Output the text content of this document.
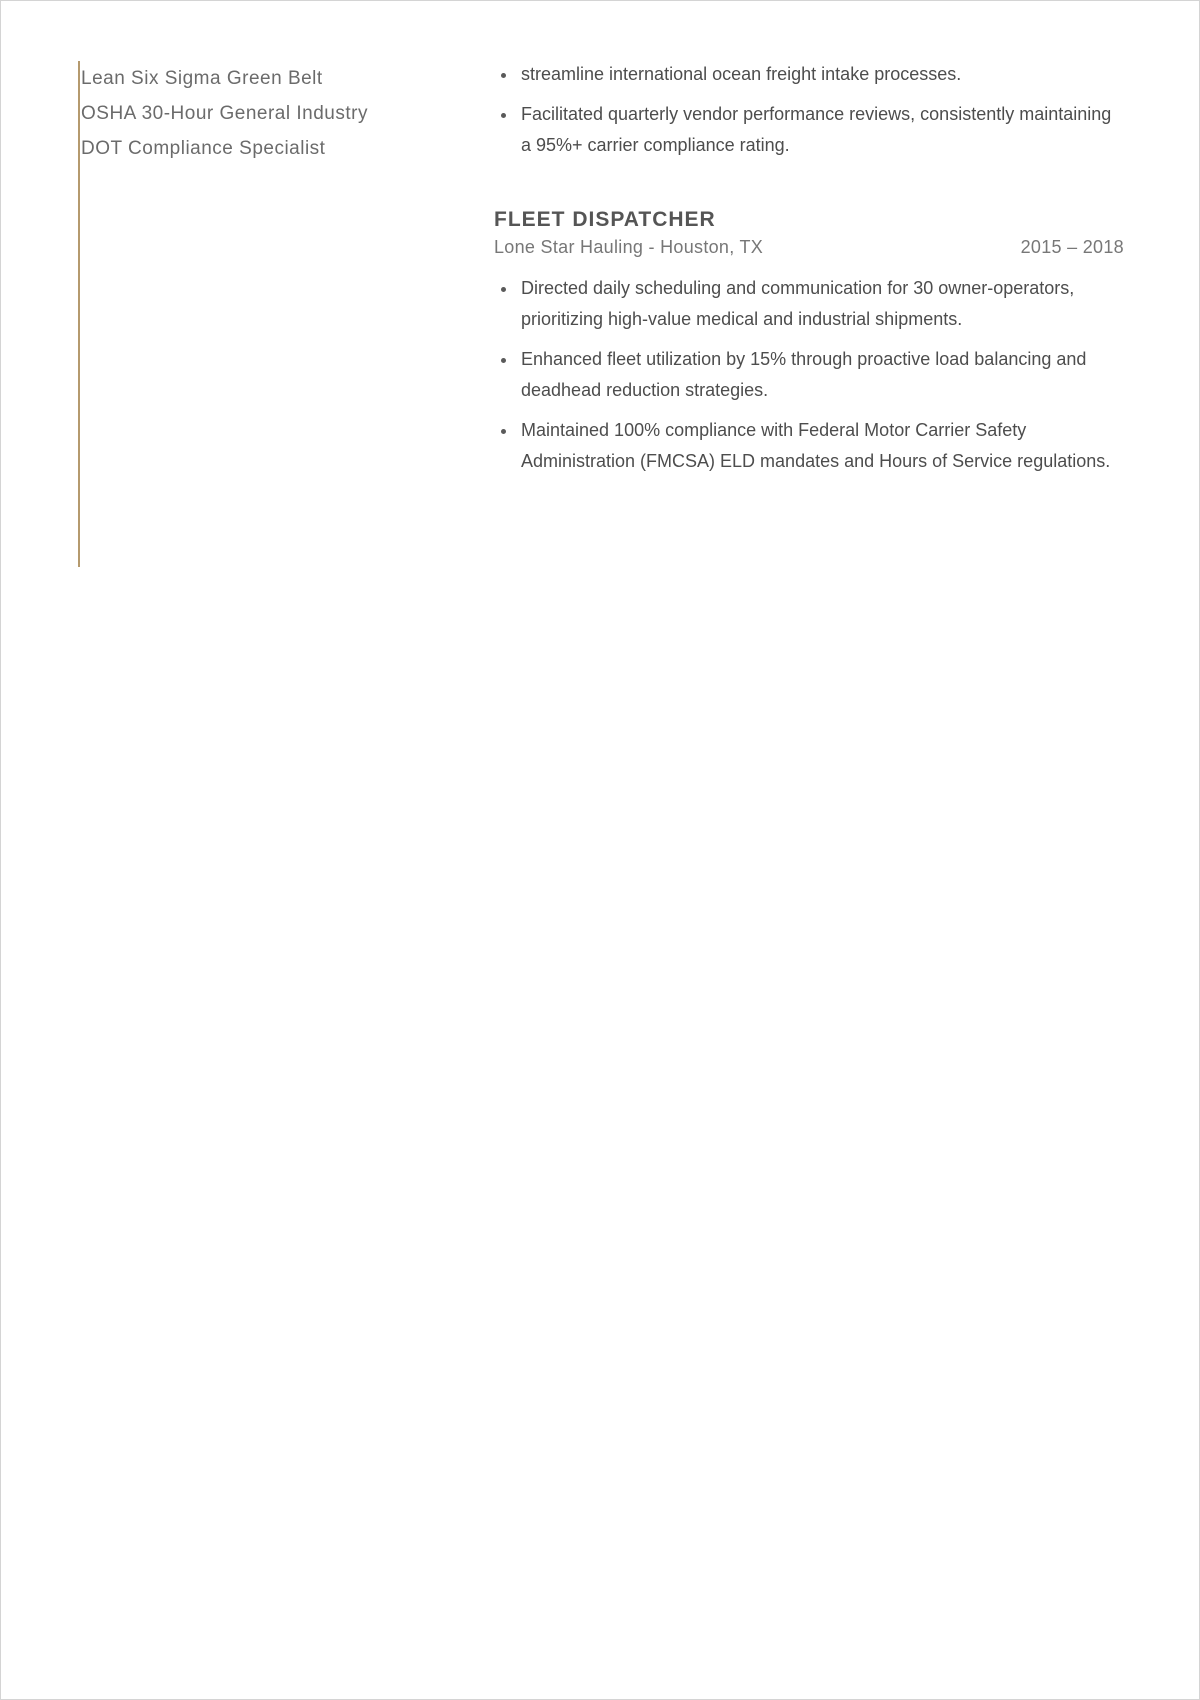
Lean Six Sigma Green Belt
OSHA 30-Hour General Industry
DOT Compliance Specialist
streamline international ocean freight intake processes.
Facilitated quarterly vendor performance reviews, consistently maintaining a 95%+ carrier compliance rating.
FLEET DISPATCHER
Lone Star Hauling - Houston, TX	2015 – 2018
Directed daily scheduling and communication for 30 owner-operators, prioritizing high-value medical and industrial shipments.
Enhanced fleet utilization by 15% through proactive load balancing and deadhead reduction strategies.
Maintained 100% compliance with Federal Motor Carrier Safety Administration (FMCSA) ELD mandates and Hours of Service regulations.
